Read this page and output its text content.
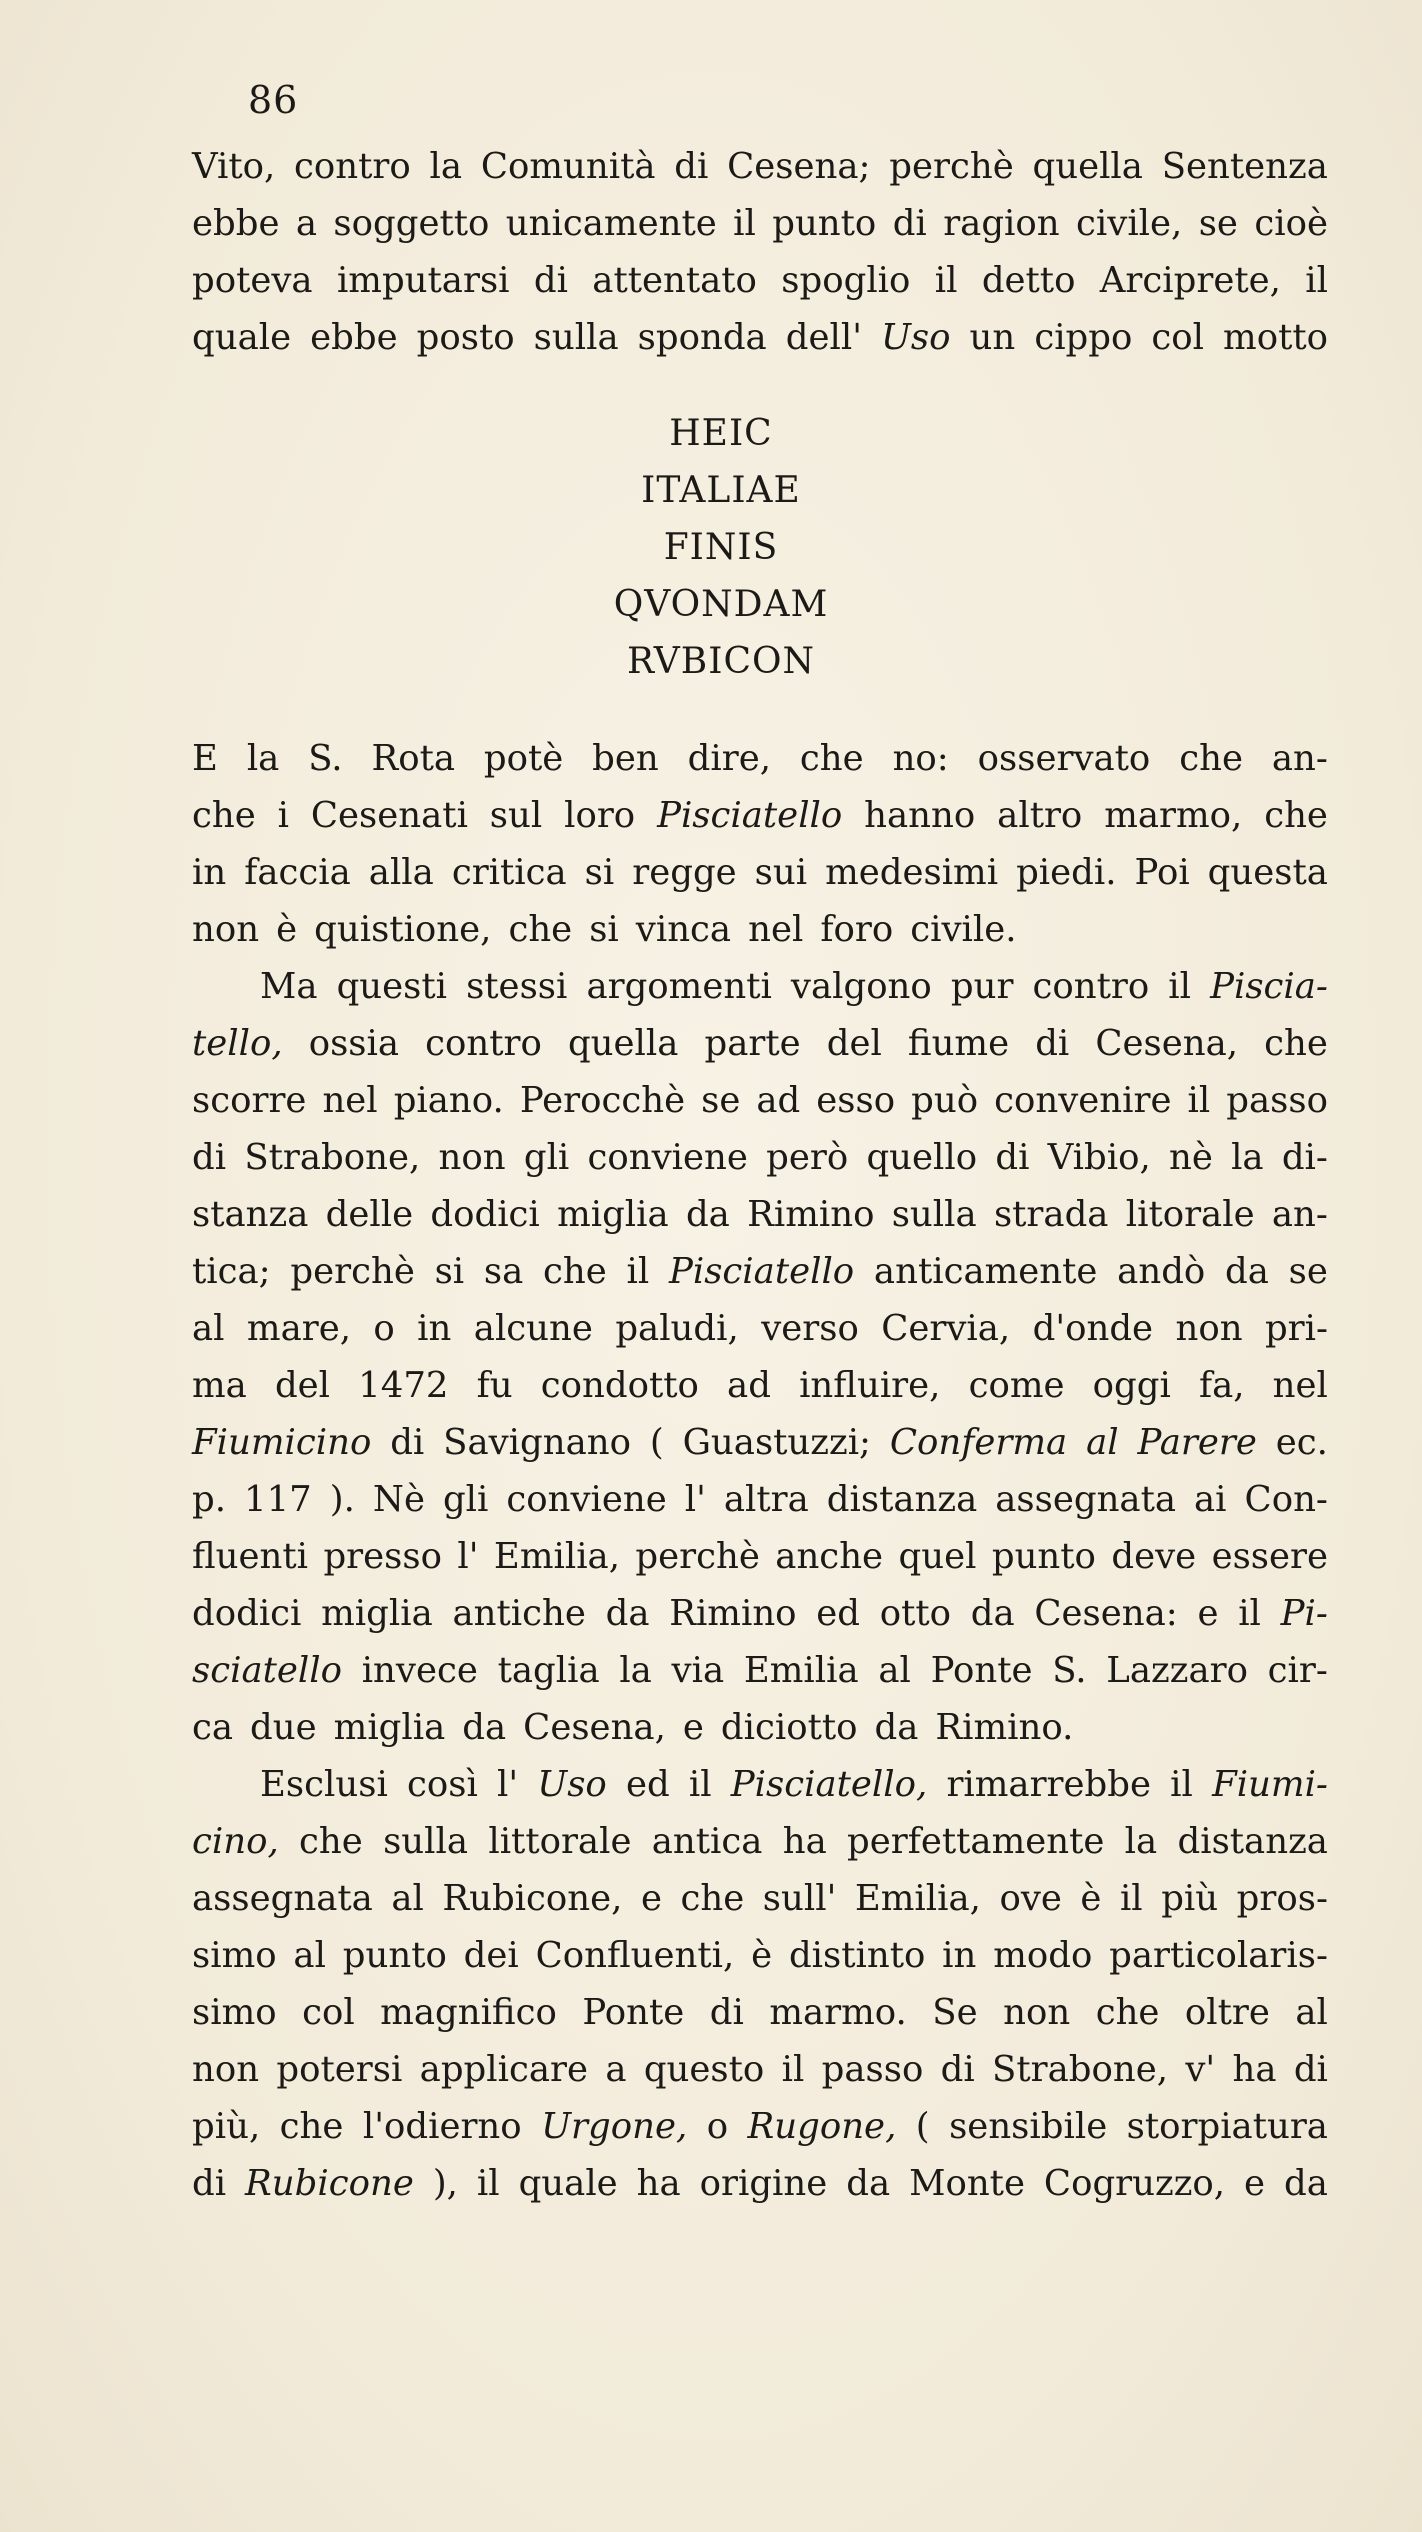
86
Vito, contro la Comunità di Cesena; perchè quella Sentenza
ebbe a soggetto unicamente il punto di ragion civile, se cioè
poteva imputarsi di attentato spoglio il detto Arciprete, il
quale ebbe posto sulla sponda dell' Uso un cippo col motto
HEIC
ITALIAE
FINIS
QVONDAM
RVBICON
E la S. Rota potè ben dire, che no: osservato che an-
che i Cesenati sul loro Pisciatello hanno altro marmo, che
in faccia alla critica si regge sui medesimi piedi. Poi questa
non è quistione, che si vinca nel foro civile.
Ma questi stessi argomenti valgono pur contro il Piscia-
tello, ossia contro quella parte del fiume di Cesena, che
scorre nel piano. Perocchè se ad esso può convenire il passo
di Strabone, non gli conviene però quello di Vibio, nè la di-
stanza delle dodici miglia da Rimino sulla strada litorale an-
tica; perchè si sa che il Pisciatello anticamente andò da se
al mare, o in alcune paludi, verso Cervia, d'onde non pri-
ma del 1472 fu condotto ad influire, come oggi fa, nel
Fiumicino di Savignano ( Guastuzzi; Conferma al Parere ec.
p. 117 ). Nè gli conviene l' altra distanza assegnata ai Con-
fluenti presso l' Emilia, perchè anche quel punto deve essere
dodici miglia antiche da Rimino ed otto da Cesena: e il Pi-
sciatello invece taglia la via Emilia al Ponte S. Lazzaro cir-
ca due miglia da Cesena, e diciotto da Rimino.
Esclusi così l' Uso ed il Pisciatello, rimarrebbe il Fiumi-
cino, che sulla littorale antica ha perfettamente la distanza
assegnata al Rubicone, e che sull' Emilia, ove è il più pros-
simo al punto dei Confluenti, è distinto in modo particolaris-
simo col magnifico Ponte di marmo. Se non che oltre al
non potersi applicare a questo il passo di Strabone, v' ha di
più, che l'odierno Urgone, o Rugone, ( sensibile storpiatura
di Rubicone ), il quale ha origine da Monte Cogruzzo, e da
